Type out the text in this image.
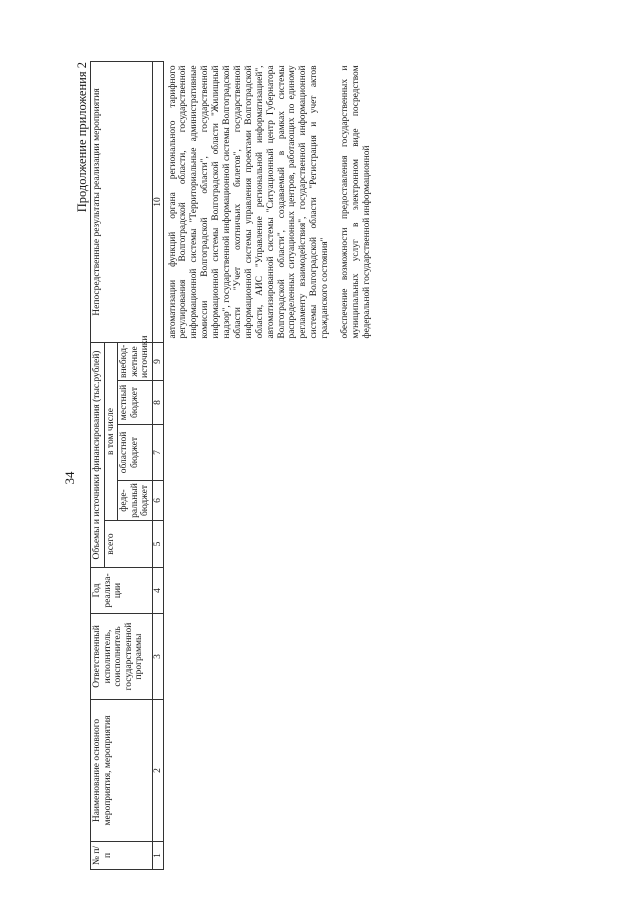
34
Продолжение приложения 2
№ п/п	Наименование основного мероприятия, мероприятия	Ответственный исполнитель, соисполнитель государственной программы	Год реализа-ции	Объемы и источники финансирования (тыс.рублей)					Непосредственные результаты реализации мероприятия
				всего	в том числе				
					феде-ральный бюджет	областной бюджет	местный бюджет	внебюд-жетные источники	
1	2	3	4	5	6	7	8	9	10

									автоматизации функций органа регионального тарифного регулирования Волгоградской области, государственной информационной системы "Территориальные административные комиссии Волгоградской области", государственной информационной системы Волгоградской области "Жилищный надзор", государственной информационной системы Волгоградской области "Учет охотничьих билетов", государственной информационной системы управления проектами Волгоградской области, АИС "Управление региональной информатизацией", автоматизированной системы "Ситуационный центр Губернатора Волгоградской области", создаваемый в рамках системы распределенных ситуационных центров, работающих по единому регламенту взаимодействия", государственной информационной системы Волгоградской области "Регистрация и учет актов гражданского состояния" обеспечение возможности предоставления государственных и муниципальных услуг в электронном виде посредством федеральной государственной информационной
